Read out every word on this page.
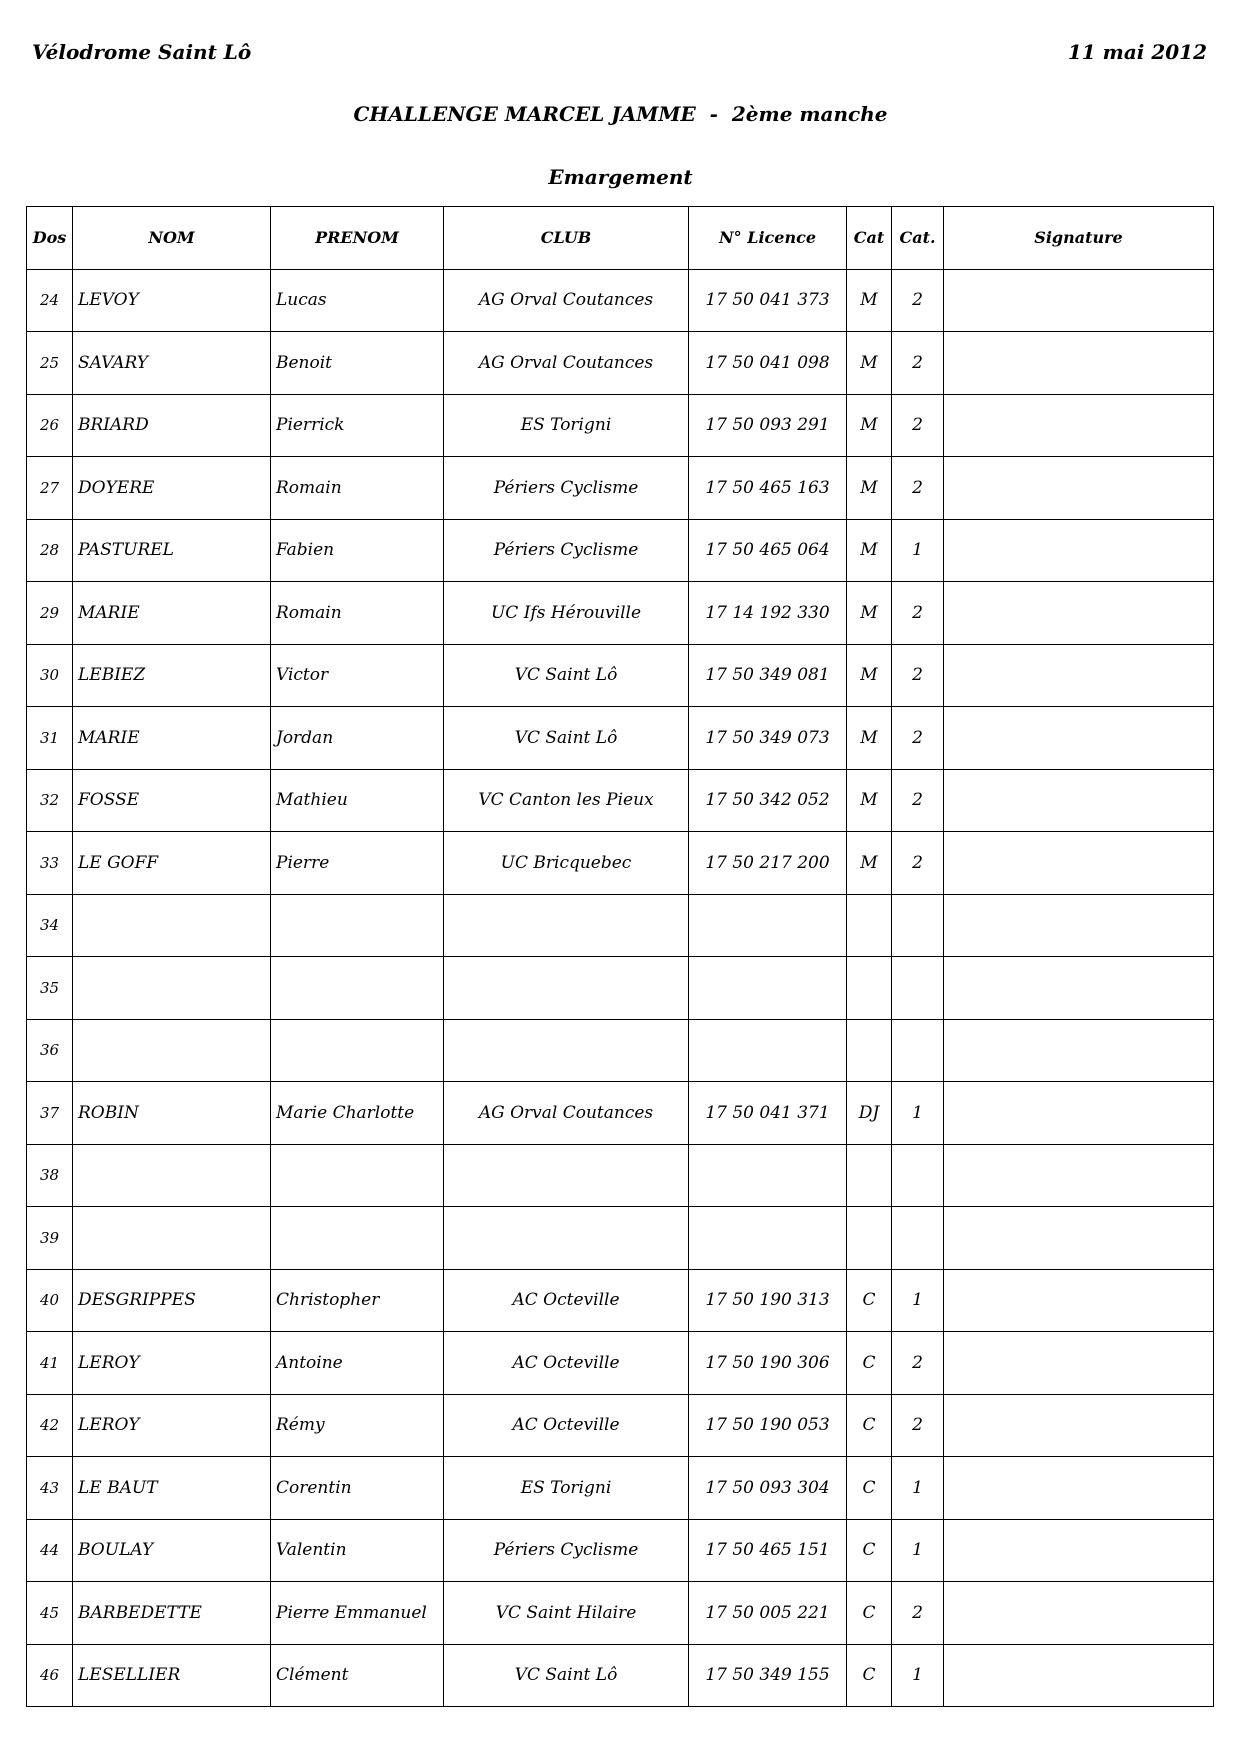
Vélodrome Saint Lô	11 mai 2012
CHALLENGE MARCEL JAMME  -  2ème manche
Emargement
Dos	NOM	PRENOM	CLUB	N° Licence	Cat	Cat.	Signature
24	LEVOY	Lucas	AG Orval Coutances	17 50 041 373	M	2	
25	SAVARY	Benoit	AG Orval Coutances	17 50 041 098	M	2	
26	BRIARD	Pierrick	ES Torigni	17 50 093 291	M	2	
27	DOYERE	Romain	Périers Cyclisme	17 50 465 163	M	2	
28	PASTUREL	Fabien	Périers Cyclisme	17 50 465 064	M	1	
29	MARIE	Romain	UC Ifs Hérouville	17 14 192 330	M	2	
30	LEBIEZ	Victor	VC Saint Lô	17 50 349 081	M	2	
31	MARIE	Jordan	VC Saint Lô	17 50 349 073	M	2	
32	FOSSE	Mathieu	VC Canton les Pieux	17 50 342 052	M	2	
33	LE GOFF	Pierre	UC Bricquebec	17 50 217 200	M	2	
34							
35							
36							
37	ROBIN	Marie Charlotte	AG Orval Coutances	17 50 041 371	DJ	1	
38							
39							
40	DESGRIPPES	Christopher	AC Octeville	17 50 190 313	C	1	
41	LEROY	Antoine	AC Octeville	17 50 190 306	C	2	
42	LEROY	Rémy	AC Octeville	17 50 190 053	C	2	
43	LE BAUT	Corentin	ES Torigni	17 50 093 304	C	1	
44	BOULAY	Valentin	Périers Cyclisme	17 50 465 151	C	1	
45	BARBEDETTE	Pierre Emmanuel	VC Saint Hilaire	17 50 005 221	C	2	
46	LESELLIER	Clément	VC Saint Lô	17 50 349 155	C	1	
